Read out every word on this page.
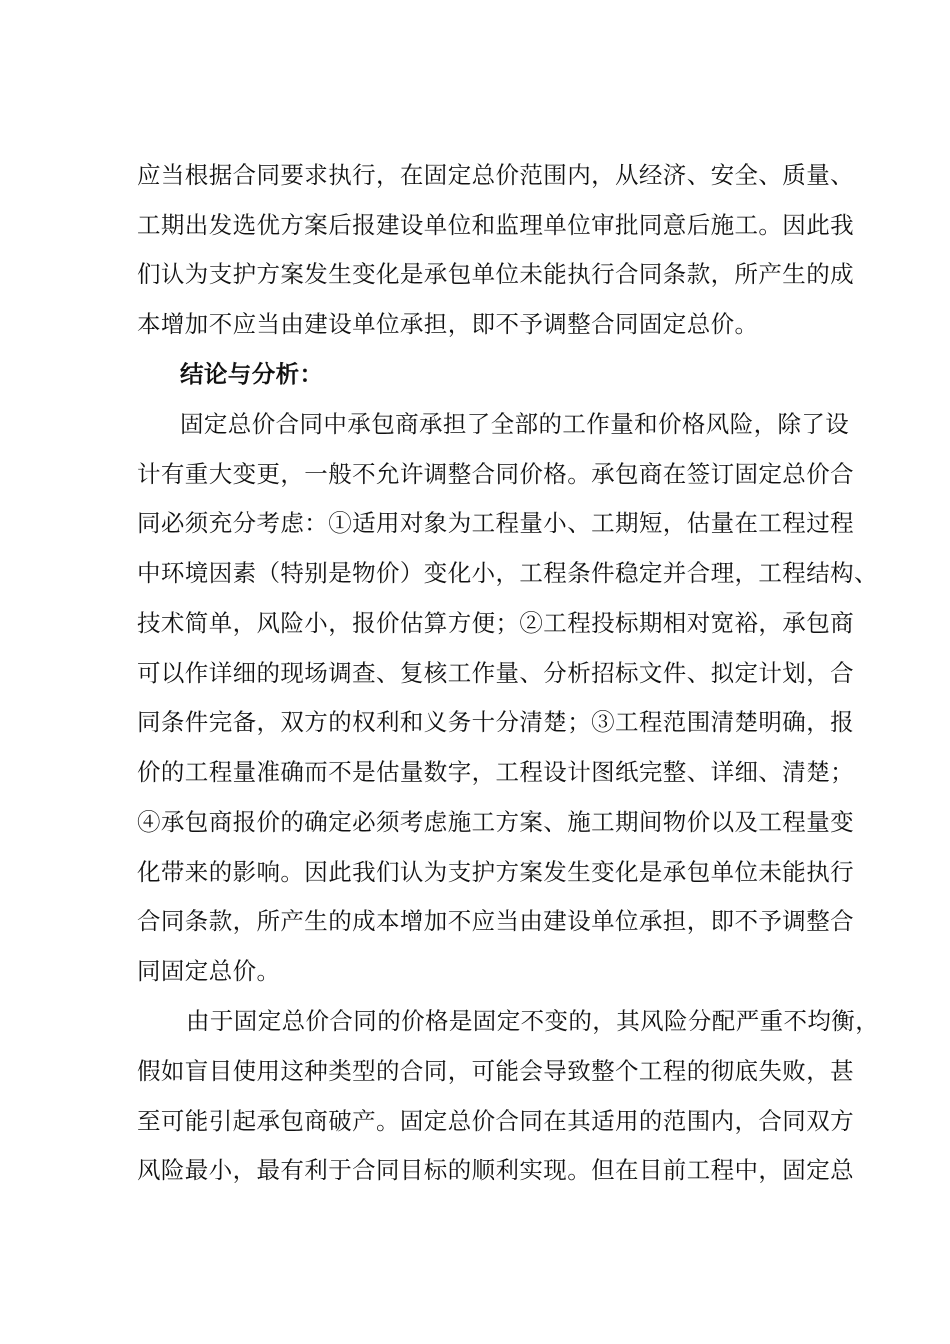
应当根据合同要求执行，在固定总价范围内，从经济、安全、质量、
工期出发选优方案后报建设单位和监理单位审批同意后施工。因此我
们认为支护方案发生变化是承包单位未能执行合同条款，所产生的成
本增加不应当由建设单位承担，即不予调整合同固定总价。
结论与分析：
固定总价合同中承包商承担了全部的工作量和价格风险，除了设
计有重大变更，一般不允许调整合同价格。承包商在签订固定总价合
同必须充分考虑：①适用对象为工程量小、工期短，估量在工程过程
中环境因素（特别是物价）变化小，工程条件稳定并合理，工程结构、
技术简单，风险小，报价估算方便；②工程投标期相对宽裕，承包商
可以作详细的现场调查、复核工作量、分析招标文件、拟定计划，合
同条件完备，双方的权利和义务十分清楚；③工程范围清楚明确，报
价的工程量准确而不是估量数字，工程设计图纸完整、详细、清楚；
④承包商报价的确定必须考虑施工方案、施工期间物价以及工程量变
化带来的影响。因此我们认为支护方案发生变化是承包单位未能执行
合同条款，所产生的成本增加不应当由建设单位承担，即不予调整合
同固定总价。
由于固定总价合同的价格是固定不变的，其风险分配严重不均衡，
假如盲目使用这种类型的合同，可能会导致整个工程的彻底失败，甚
至可能引起承包商破产。固定总价合同在其适用的范围内，合同双方
风险最小，最有利于合同目标的顺利实现。但在目前工程中，固定总
